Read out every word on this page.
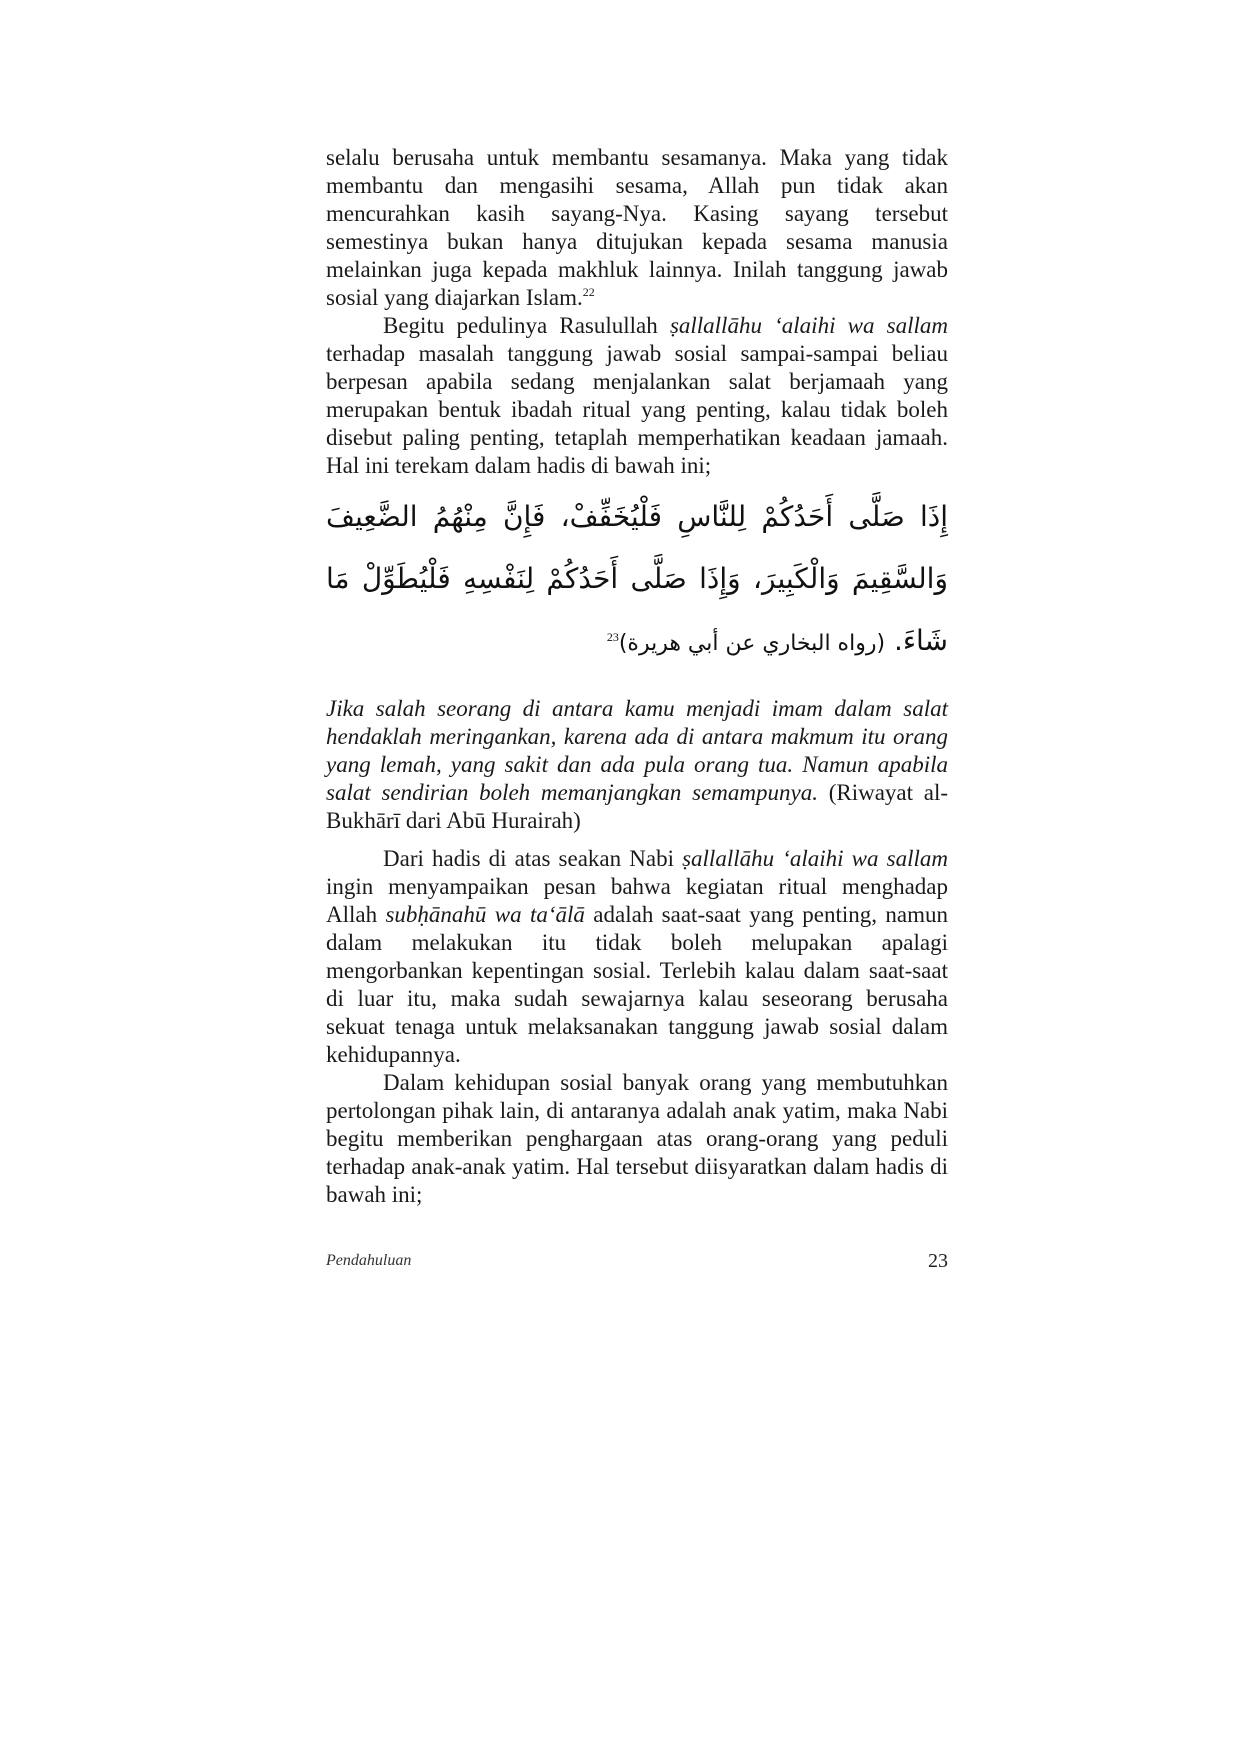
selalu berusaha untuk membantu sesamanya. Maka yang tidak membantu dan mengasihi sesama, Allah pun tidak akan mencurahkan kasih sayang-Nya. Kasing sayang tersebut semestinya bukan hanya ditujukan kepada sesama manusia melainkan juga kepada makhluk lainnya. Inilah tanggung jawab sosial yang diajarkan Islam.$^{22}$

Begitu pedulinya Rasulullah ṣallallāhu ‘alaihi wa sallam terhadap masalah tanggung jawab sosial sampai-sampai beliau berpesan apabila sedang menjalankan salat berjamaah yang merupakan bentuk ibadah ritual yang penting, kalau tidak boleh disebut paling penting, tetaplah memperhatikan keadaan jamaah. Hal ini terekam dalam hadis di bawah ini;

إِذَا صَلَّى أَحَدُكُمْ لِلنَّاسِ فَلْيُخَفِّفْ، فَإِنَّ مِنْهُمُ الضَّعِيفَ وَالسَّقِيمَ وَالْكَبِيرَ، وَإِذَا صَلَّى أَحَدُكُمْ لِنَفْسِهِ فَلْيُطَوِّلْ مَا شَاءَ. (رواه البخاري عن أبي هريرة)$^{23}$

Jika salah seorang di antara kamu menjadi imam dalam salat hendaklah meringankan, karena ada di antara makmum itu orang yang lemah, yang sakit dan ada pula orang tua. Namun apabila salat sendirian boleh memanjangkan semampunya. (Riwayat al-Bukhārī dari Abū Hurairah)

Dari hadis di atas seakan Nabi ṣallallāhu ‘alaihi wa sallam ingin menyampaikan pesan bahwa kegiatan ritual menghadap Allah subḥānahū wa ta‘ālā adalah saat-saat yang penting, namun dalam melakukan itu tidak boleh melupakan apalagi mengorbankan kepentingan sosial. Terlebih kalau dalam saat-saat di luar itu, maka sudah sewajarnya kalau seseorang berusaha sekuat tenaga untuk melaksanakan tanggung jawab sosial dalam kehidupannya.

Dalam kehidupan sosial banyak orang yang membutuhkan pertolongan pihak lain, di antaranya adalah anak yatim, maka Nabi begitu memberikan penghargaan atas orang-orang yang peduli terhadap anak-anak yatim. Hal tersebut diisyaratkan dalam hadis di bawah ini;

Pendahuluan	23
